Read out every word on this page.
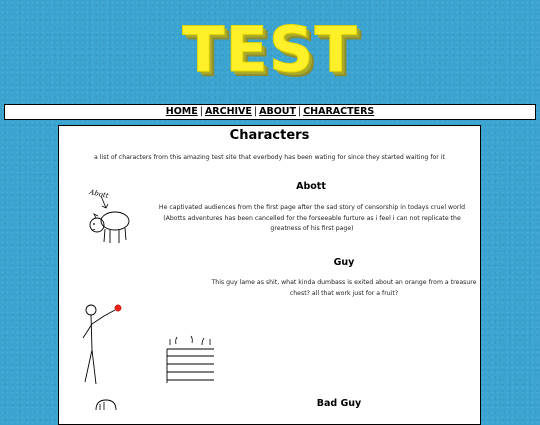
TEST
HOME | ARCHIVE | ABOUT | CHARACTERS
Characters
a list of characters from this amazing test site that everbody has been wating for since they started waiting for it
Abott
Abott
He captivated audiences from the first page after the sad story of censorship in todays cruel world (Abotts adventures has been cancelled for the forseeable furture as i feel i can not replicate the greatness of his first page)
Guy
This guy lame as shit, what kinda dumbass is exited about an orange from a treasure chest? all that work just for a fruit?
Bad Guy
